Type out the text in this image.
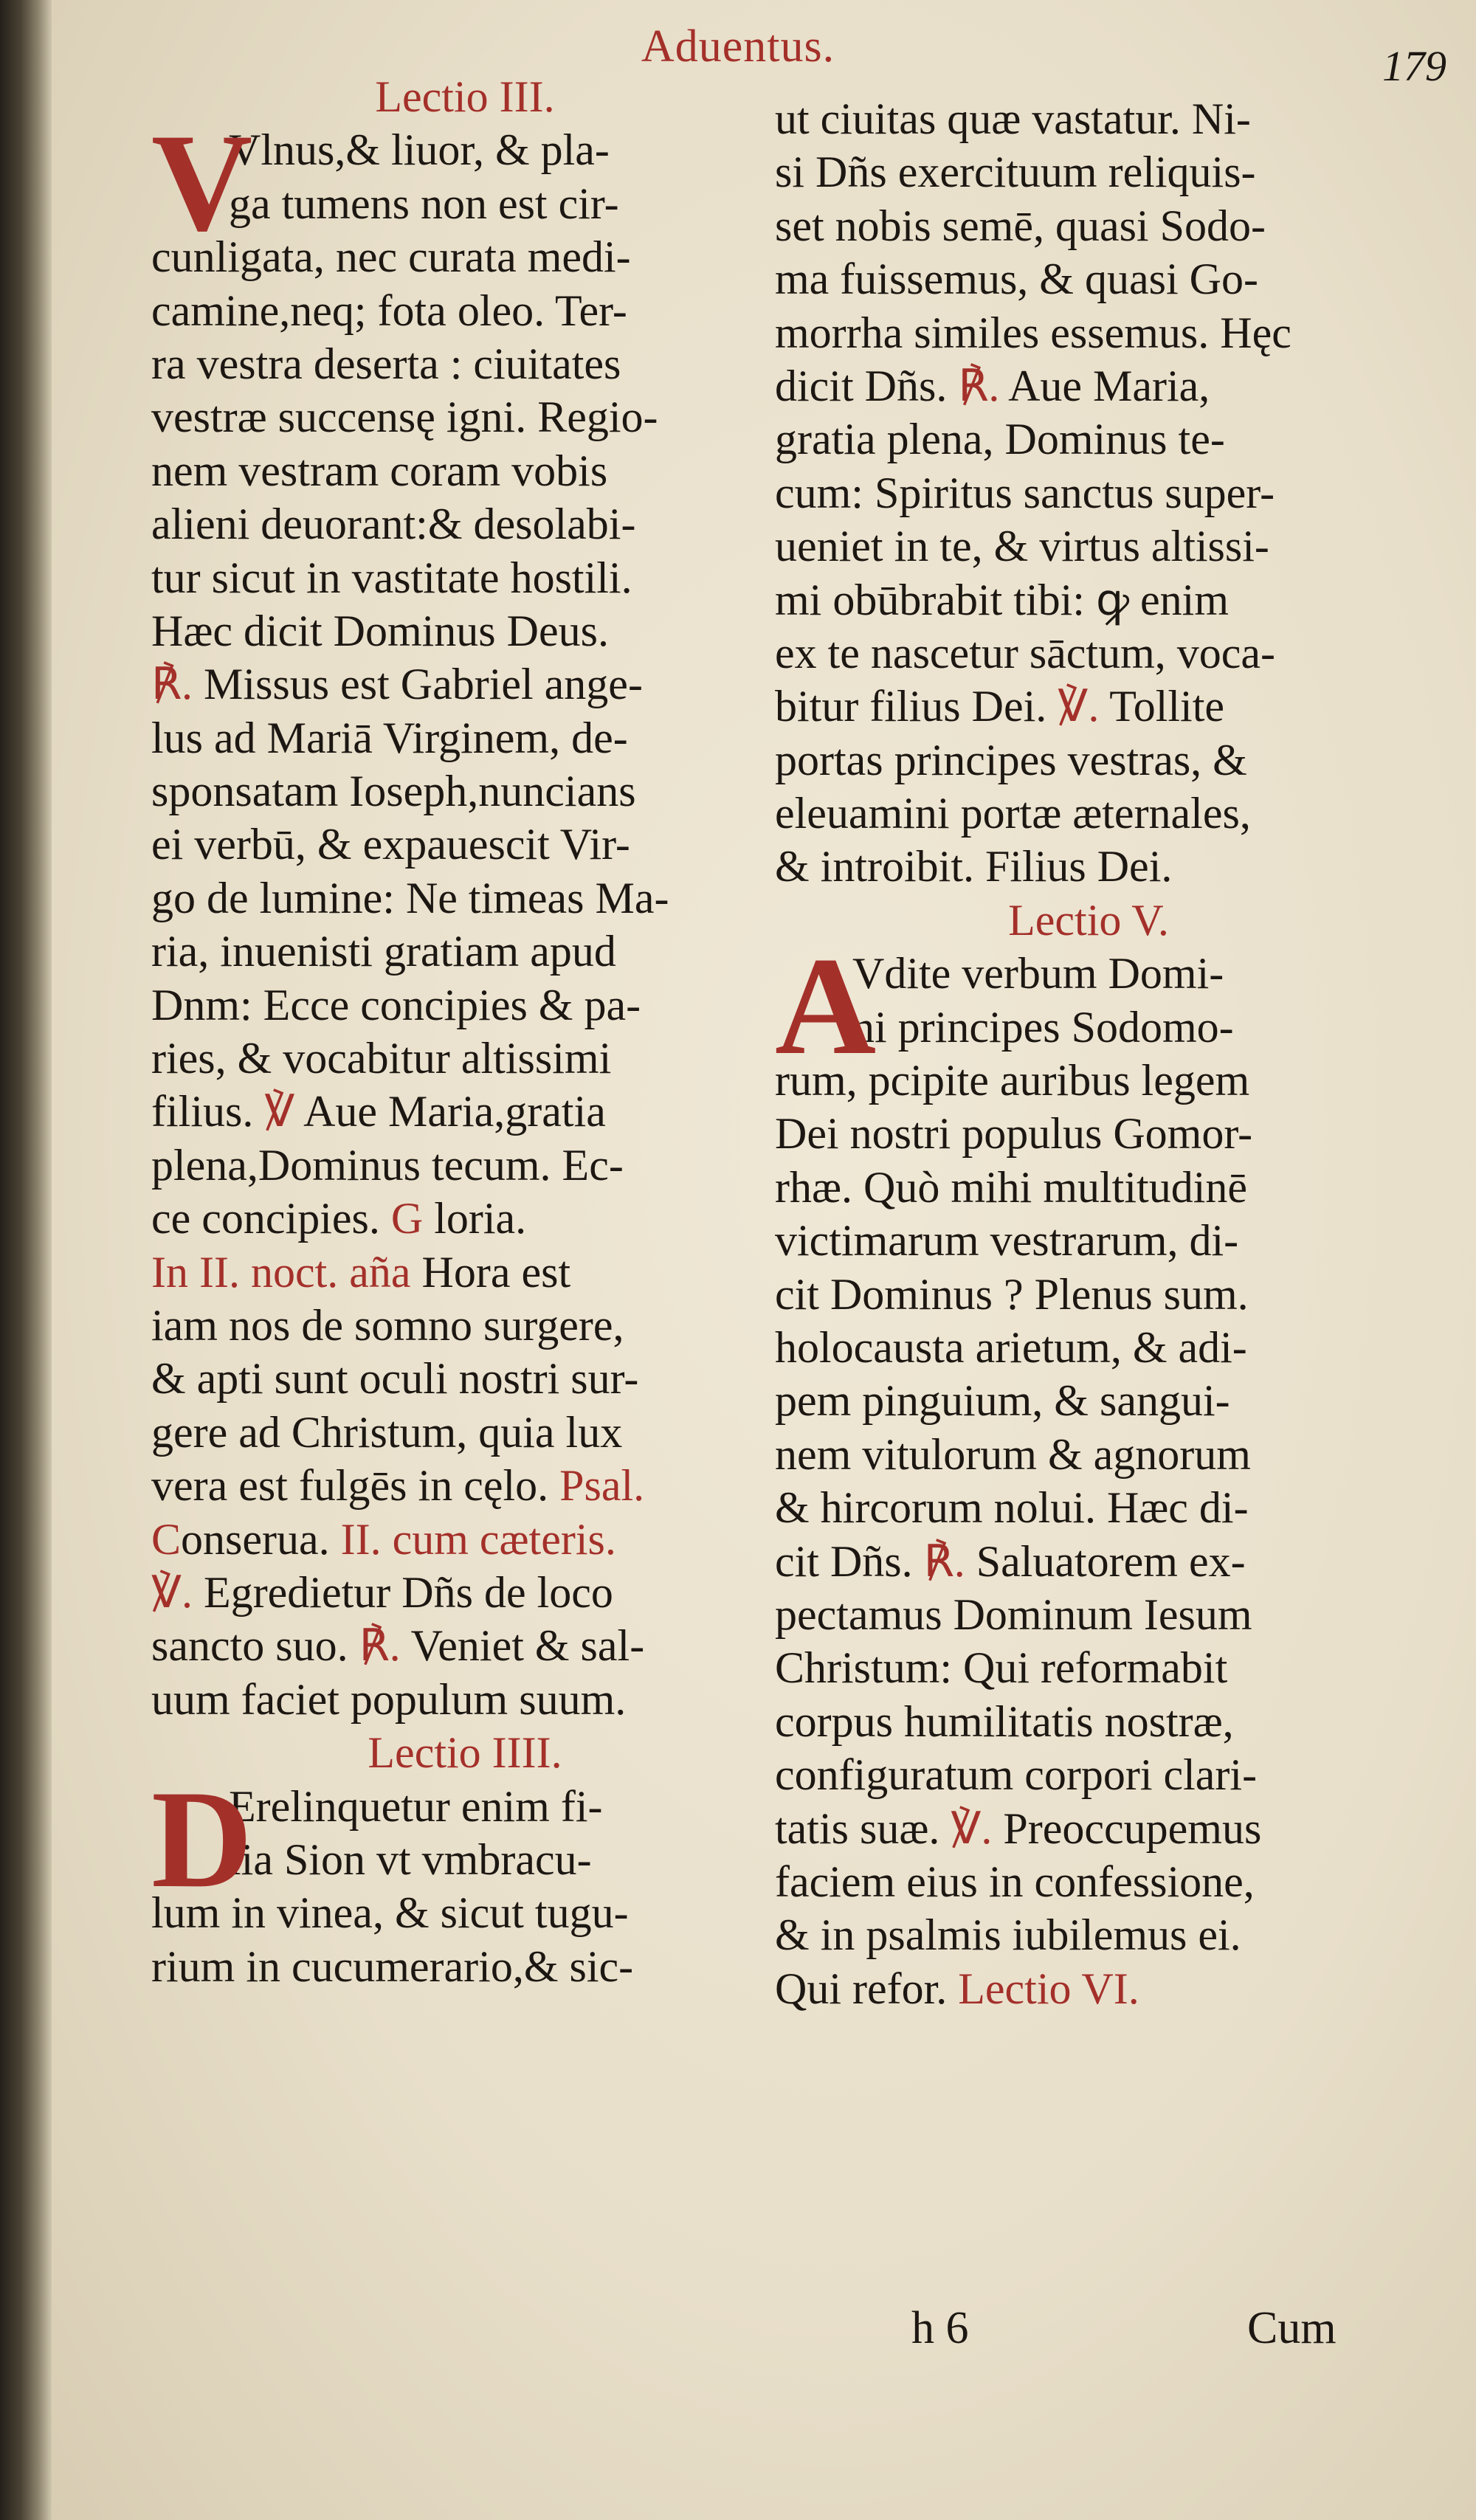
Aduentus.	179
Lectio III.
V
Vlnus,& liuor, & pla-
ga tumens non est cir-
cunligata, nec curata medi-
camine,neq; fota oleo. Ter-
ra vestra deserta : ciuitates
vestræ succensę igni. Regio-
nem vestram coram vobis
alieni deuorant:& desolabi-
tur sicut in vastitate hostili.
Hæc dicit Dominus Deus.
℟. Missus est Gabriel ange-
lus ad Mariā Virginem, de-
sponsatam Ioseph,nuncians
ei verbū, & expauescit Vir-
go de lumine: Ne timeas Ma-
ria, inuenisti gratiam apud
Dnm: Ecce concipies & pa-
ries, & vocabitur altissimi
filius. ℣ Aue Maria,gratia
plena,Dominus tecum. Ec-
ce concipies. G loria.
In II. noct. aña Hora est
iam nos de somno surgere,
& apti sunt oculi nostri sur-
gere ad Christum, quia lux
vera est fulgēs in cęlo. Psal.
Conserua. II. cum cæteris.
℣. Egredietur Dñs de loco
sancto suo. ℟. Veniet & sal-
uum faciet populum suum.
Lectio IIII.
D
Erelinquetur enim fi-
lia Sion vt vmbracu-
lum in vinea, & sicut tugu-
rium in cucumerario,& sic-
ut ciuitas quæ vastatur. Ni-
si Dñs exercituum reliquis-
set nobis semē, quasi Sodo-
ma fuissemus, & quasi Go-
morrha similes essemus. Hęc
dicit Dñs. ℟. Aue Maria,
gratia plena, Dominus te-
cum: Spiritus sanctus super-
ueniet in te, & virtus altissi-
mi obūbrabit tibi: ꝙ enim
ex te nascetur sāctum, voca-
bitur filius Dei. ℣. Tollite
portas principes vestras, &
eleuamini portæ æternales,
& introibit. Filius Dei.
Lectio V.
A
Vdite verbum Domi-
ni principes Sodomo-
rum, pcipite auribus legem
Dei nostri populus Gomor-
rhæ. Quò mihi multitudinē
victimarum vestrarum, di-
cit Dominus ? Plenus sum.
holocausta arietum, & adi-
pem pinguium, & sangui-
nem vitulorum & agnorum
& hircorum nolui. Hæc di-
cit Dñs. ℟. Saluatorem ex-
pectamus Dominum Iesum
Christum: Qui reformabit
corpus humilitatis nostræ,
configuratum corpori clari-
tatis suæ. ℣. Preoccupemus
faciem eius in confessione,
& in psalmis iubilemus ei.
Qui refor. Lectio VI.
h 6	Cum
